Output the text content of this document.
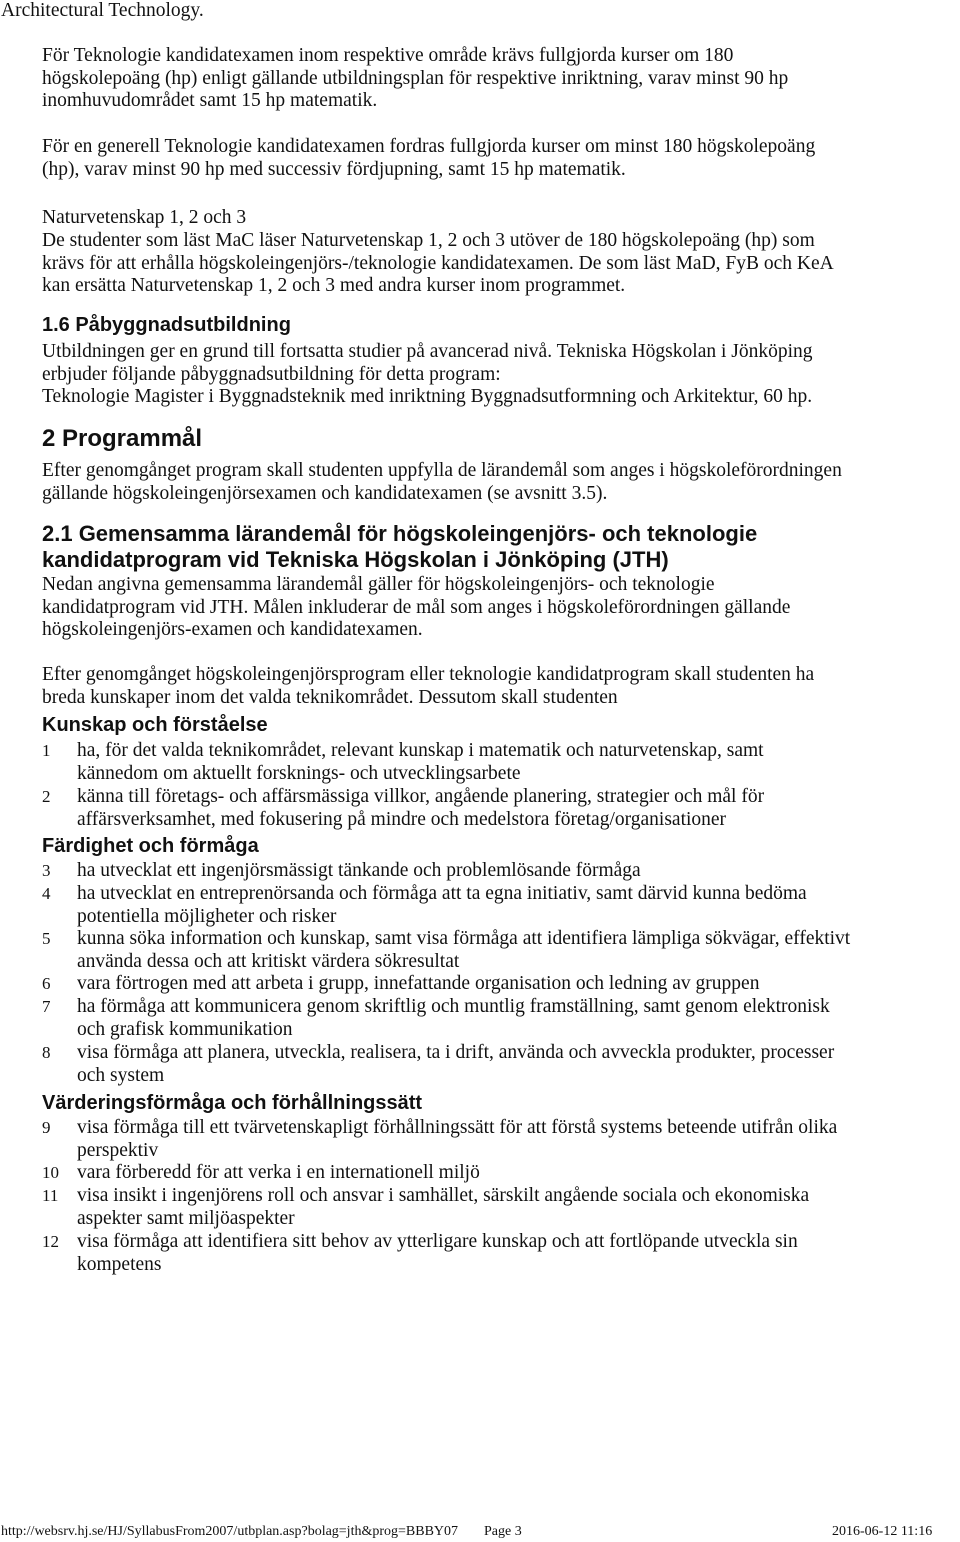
Architectural Technology.
För Teknologie kandidatexamen inom respektive område krävs fullgjorda kurser om 180
högskolepoäng (hp) enligt gällande utbildningsplan för respektive inriktning, varav minst 90 hp
inomhuvudområdet samt 15 hp matematik.
För en generell Teknologie kandidatexamen fordras fullgjorda kurser om minst 180 högskolepoäng
(hp), varav minst 90 hp med successiv fördjupning, samt 15 hp matematik.
Naturvetenskap 1, 2 och 3
De studenter som läst MaC läser Naturvetenskap 1, 2 och 3 utöver de 180 högskolepoäng (hp) som
krävs för att erhålla högskoleingenjörs-/teknologie kandidatexamen. De som läst MaD, FyB och KeA
kan ersätta Naturvetenskap 1, 2 och 3 med andra kurser inom programmet.
1.6 Påbyggnadsutbildning
Utbildningen ger en grund till fortsatta studier på avancerad nivå. Tekniska Högskolan i Jönköping
erbjuder följande påbyggnadsutbildning för detta program:
Teknologie Magister i Byggnadsteknik med inriktning Byggnadsutformning och Arkitektur, 60 hp.
2 Programmål
Efter genomgånget program skall studenten uppfylla de lärandemål som anges i högskoleförordningen
gällande högskoleingenjörsexamen och kandidatexamen (se avsnitt 3.5).
2.1 Gemensamma lärandemål för högskoleingenjörs- och teknologie
kandidatprogram vid Tekniska Högskolan i Jönköping (JTH)
Nedan angivna gemensamma lärandemål gäller för högskoleingenjörs- och teknologie
kandidatprogram vid JTH. Målen inkluderar de mål som anges i högskoleförordningen gällande
högskoleingenjörs-examen och kandidatexamen.
Efter genomgånget högskoleingenjörsprogram eller teknologie kandidatprogram skall studenten ha
breda kunskaper inom det valda teknikområdet. Dessutom skall studenten
Kunskap och förståelse
1	ha, för det valda teknikområdet, relevant kunskap i matematik och naturvetenskap, samt
kännedom om aktuellt forsknings- och utvecklingsarbete
2	känna till företags- och affärsmässiga villkor, angående planering, strategier och mål för
affärsverksamhet, med fokusering på mindre och medelstora företag/organisationer
Färdighet och förmåga
3	ha utvecklat ett ingenjörsmässigt tänkande och problemlösande förmåga
4	ha utvecklat en entreprenörsanda och förmåga att ta egna initiativ, samt därvid kunna bedöma
potentiella möjligheter och risker
5	kunna söka information och kunskap, samt visa förmåga att identifiera lämpliga sökvägar, effektivt
använda dessa och att kritiskt värdera sökresultat
6	vara förtrogen med att arbeta i grupp, innefattande organisation och ledning av gruppen
7	ha förmåga att kommunicera genom skriftlig och muntlig framställning, samt genom elektronisk
och grafisk kommunikation
8	visa förmåga att planera, utveckla, realisera, ta i drift, använda och avveckla produkter, processer
och system
Värderingsförmåga och förhållningssätt
9	visa förmåga till ett tvärvetenskapligt förhållningssätt för att förstå systems beteende utifrån olika
perspektiv
10 vara förberedd för att verka i en internationell miljö
11 visa insikt i ingenjörens roll och ansvar i samhället, särskilt angående sociala och ekonomiska
aspekter samt miljöaspekter
12 visa förmåga att identifiera sitt behov av ytterligare kunskap och att fortlöpande utveckla sin
kompetens
http://websrv.hj.se/HJ/SyllabusFrom2007/utbplan.asp?bolag=jth&prog=BBBY07 Page 3	2016-06-12 11:16
